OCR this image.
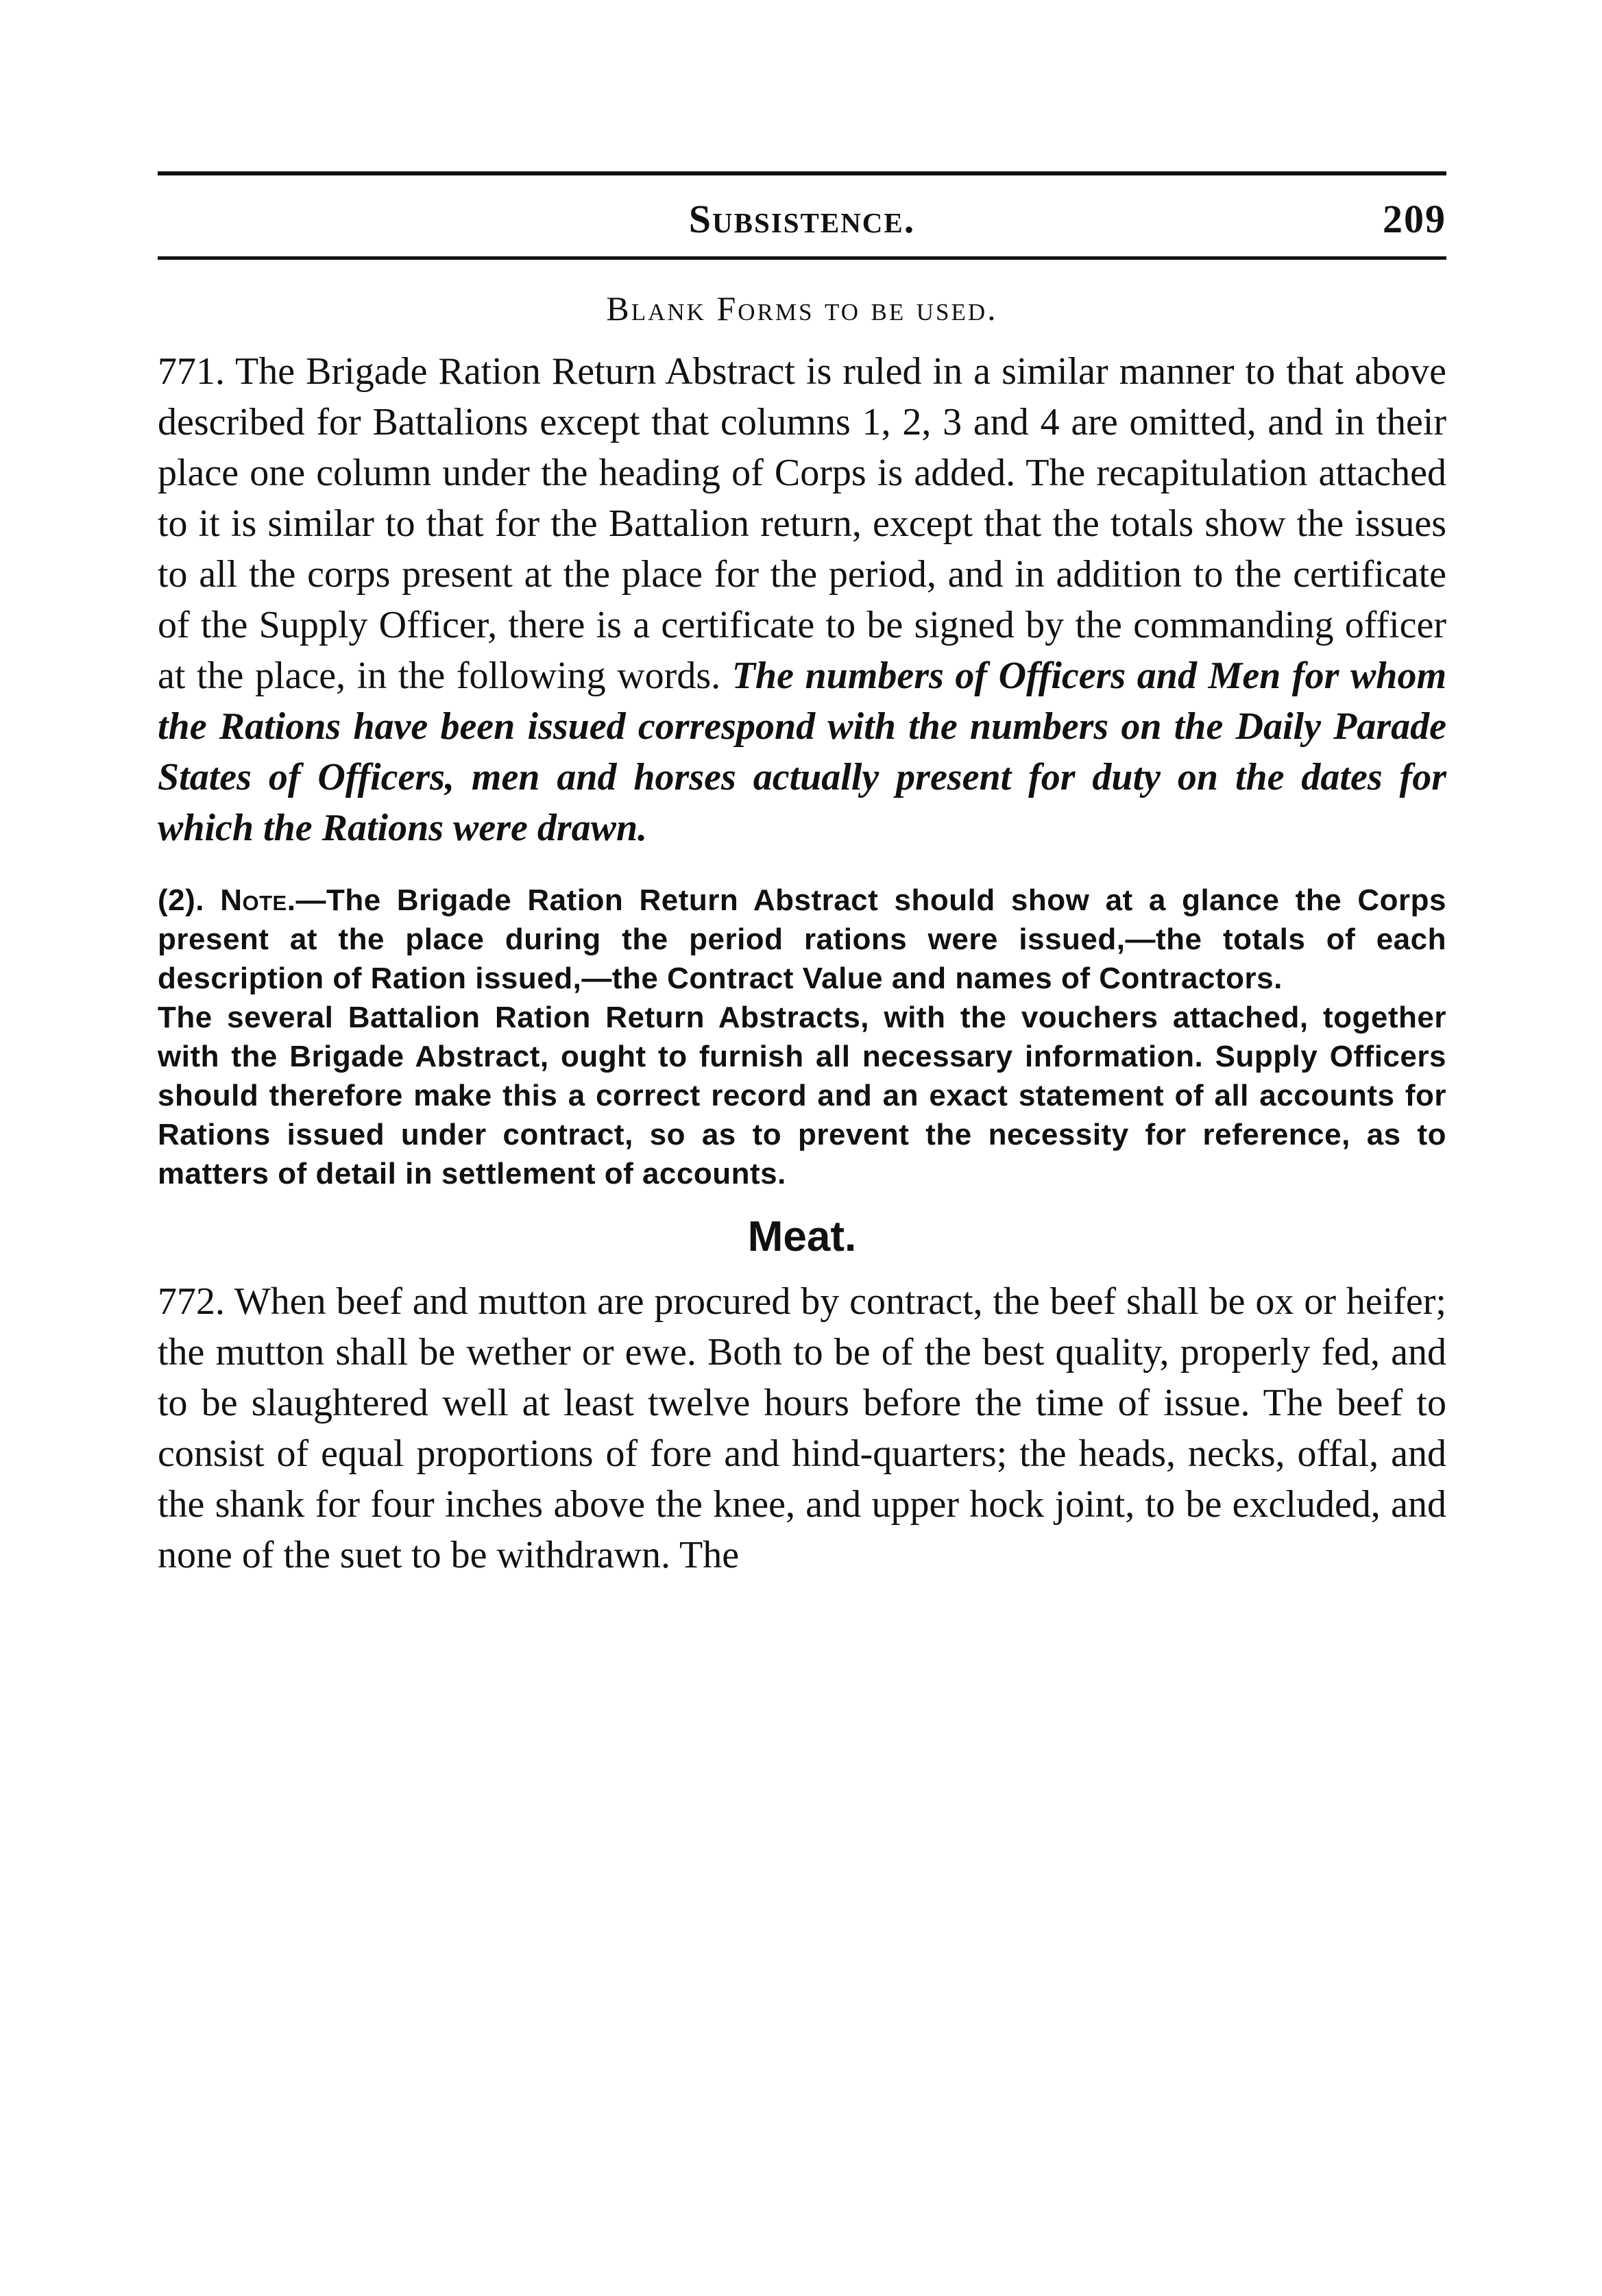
Subsistence.	209
Blank Forms to be used.

771. The Brigade Ration Return Abstract is ruled in a similar manner to that above described for Battalions except that columns 1, 2, 3 and 4 are omitted, and in their place one column under the heading of Corps is added. The recapitulation attached to it is similar to that for the Battalion return, except that the totals show the issues to all the corps present at the place for the period, and in addition to the certificate of the Supply Officer, there is a certificate to be signed by the commanding officer at the place, in the following words. The numbers of Officers and Men for whom the Rations have been issued correspond with the numbers on the Daily Parade States of Officers, men and horses actually present for duty on the dates for which the Rations were drawn.

(2). Note.—The Brigade Ration Return Abstract should show at a glance the Corps present at the place during the period rations were issued,—the totals of each description of Ration issued,—the Contract Value and names of Contractors.

The several Battalion Ration Return Abstracts, with the vouchers attached, together with the Brigade Abstract, ought to furnish all necessary information. Supply Officers should therefore make this a correct record and an exact statement of all accounts for Rations issued under contract, so as to prevent the necessity for reference, as to matters of detail in settlement of accounts.

Meat.

772. When beef and mutton are procured by contract, the beef shall be ox or heifer; the mutton shall be wether or ewe. Both to be of the best quality, properly fed, and to be slaughtered well at least twelve hours before the time of issue. The beef to consist of equal proportions of fore and hind-quarters; the heads, necks, offal, and the shank for four inches above the knee, and upper hock joint, to be excluded, and none of the suet to be withdrawn. The
